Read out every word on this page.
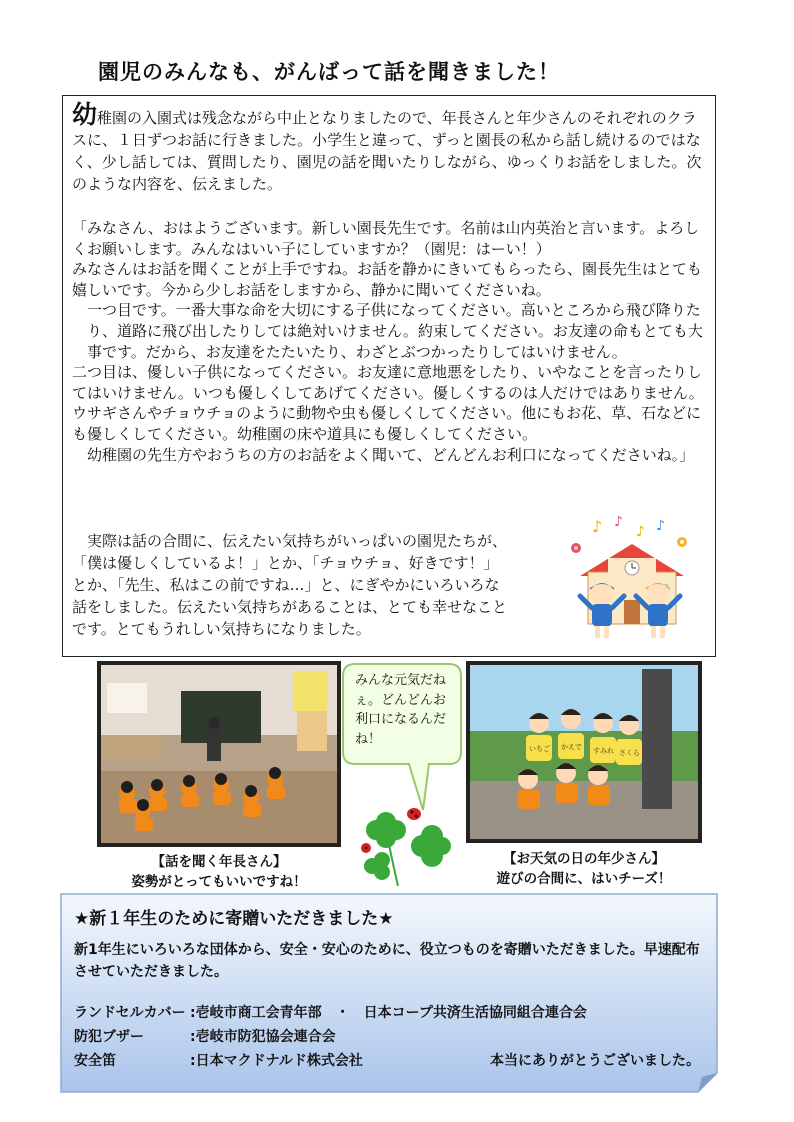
園児のみんなも、がんばって話を聞きました！
幼稚園の入園式は残念ながら中止となりましたので、年長さんと年少さんのそれぞれのクラスに、１日ずつお話に行きました。小学生と違って、ずっと園長の私から話し続けるのではなく、少し話しては、質問したり、園児の話を聞いたりしながら、ゆっくりお話をしました。次のような内容を、伝えました。

「みなさん、おはようございます。新しい園長先生です。名前は山内英治と言います。よろしくお願いします。みんなはいい子にしていますか？（園児：はーい！）

みなさんはお話を聞くことが上手ですね。お話を静かにきいてもらったら、園長先生はとても嬉しいです。今から少しお話をしますから、静かに聞いてくださいね。

一つ目です。一番大事な命を大切にする子供になってください。高いところから飛び降りたり、道路に飛び出したりしては絶対いけません。約束してください。お友達の命もとても大事です。だから、お友達をたたいたり、わざとぶつかったりしてはいけません。

二つ目は、優しい子供になってください。お友達に意地悪をしたり、いやなことを言ったりしてはいけません。いつも優しくしてあげてください。優しくするのは人だけではありません。ウサギさんやチョウチョのように動物や虫も優しくしてください。他にもお花、草、石などにも優しくしてください。幼稚園の床や道具にも優しくしてください。

幼稚園の先生方やおうちの方のお話をよく聞いて、どんどんお利口になってくださいね。」

実際は話の合間に、伝えたい気持ちがいっぱいの園児たちが、

「僕は優しくしているよ！」とか、「チョウチョ、好きです！」

とか、「先生、私はこの前ですね…」と、にぎやかにいろいろな

話をしました。伝えたい気持ちがあることは、とても幸せなこと

です。とてもうれしい気持ちになりました。

♪ ♪
♪ ♪
みんな元気だねぇ。どんどんお利口になるんだね！
いちご かえで すみれ さくら
【話を聞く年長さん】
姿勢がとってもいいですね！
【お天気の日の年少さん】
遊びの合間に、はいチーズ！
★新１年生のために寄贈いただきました★
新1年生にいろいろな団体から、安全・安心のために、役立つものを寄贈いただきました。早速配布させていただきました。
ランドセルカバー :壱岐市商工会青年部　・　日本コープ共済生活協同組合連合会
防犯ブザー	:壱岐市防犯協会連合会
安全笛	:日本マクドナルド株式会社	本当にありがとうございました。
